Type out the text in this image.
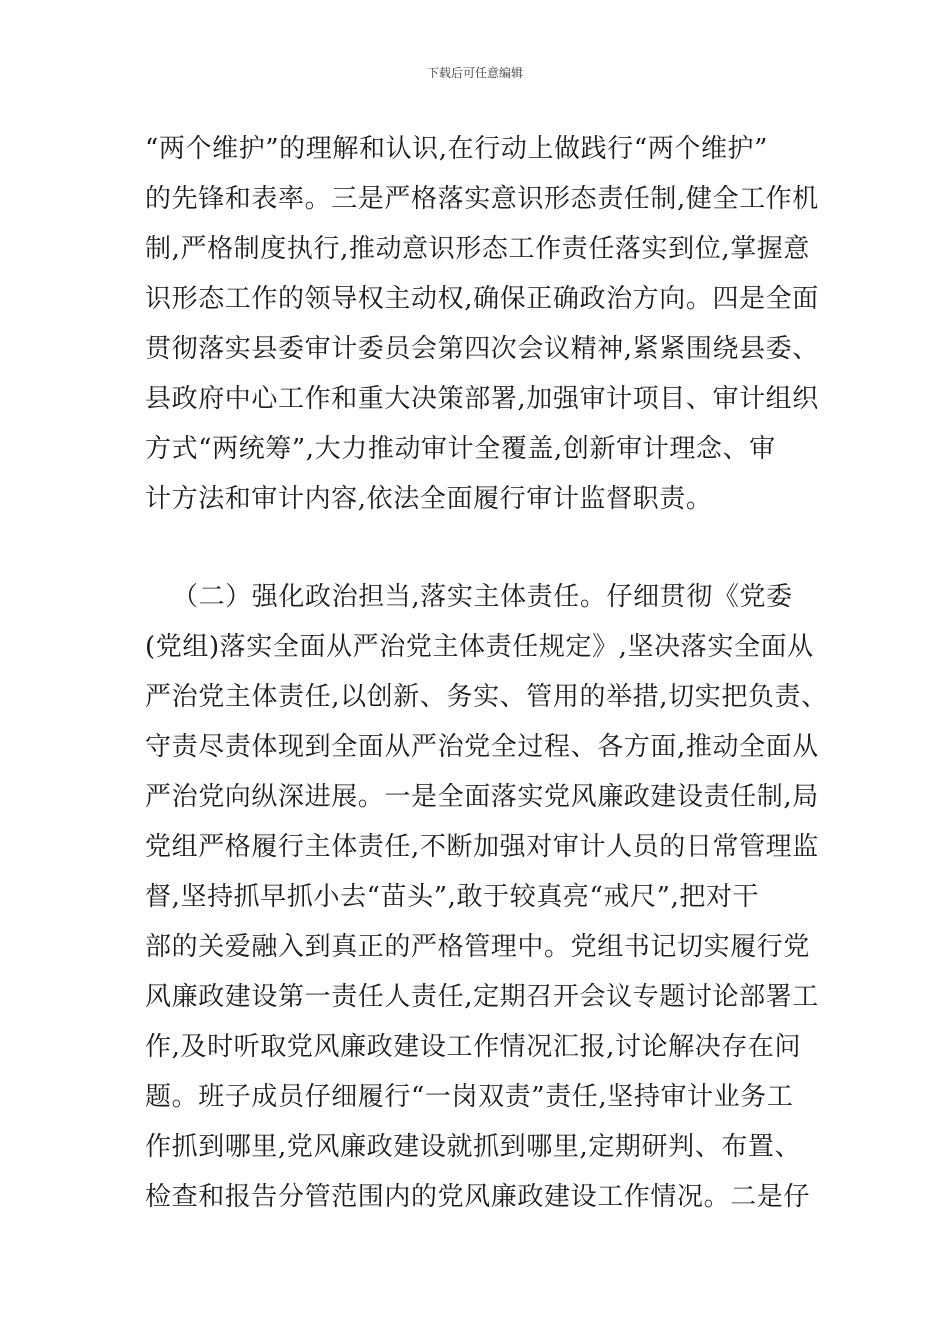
下载后可任意编辑
“两个维护”的理解和认识,在行动上做践行“两个维护”
的先锋和表率。三是严格落实意识形态责任制,健全工作机
制,严格制度执行,推动意识形态工作责任落实到位,掌握意
识形态工作的领导权主动权,确保正确政治方向。四是全面
贯彻落实县委审计委员会第四次会议精神,紧紧围绕县委、
县政府中心工作和重大决策部署,加强审计项目、审计组织
方式“两统筹”,大力推动审计全覆盖,创新审计理念、审
计方法和审计内容,依法全面履行审计监督职责。
（二）强化政治担当,落实主体责任。仔细贯彻《党委
(党组)落实全面从严治党主体责任规定》,坚决落实全面从
严治党主体责任,以创新、务实、管用的举措,切实把负责、
守责尽责体现到全面从严治党全过程、各方面,推动全面从
严治党向纵深进展。一是全面落实党风廉政建设责任制,局
党组严格履行主体责任,不断加强对审计人员的日常管理监
督,坚持抓早抓小去“苗头”,敢于较真亮“戒尺”,把对干
部的关爱融入到真正的严格管理中。党组书记切实履行党
风廉政建设第一责任人责任,定期召开会议专题讨论部署工
作,及时听取党风廉政建设工作情况汇报,讨论解决存在问
题。班子成员仔细履行“一岗双责”责任,坚持审计业务工
作抓到哪里,党风廉政建设就抓到哪里,定期研判、布置、
检查和报告分管范围内的党风廉政建设工作情况。二是仔
